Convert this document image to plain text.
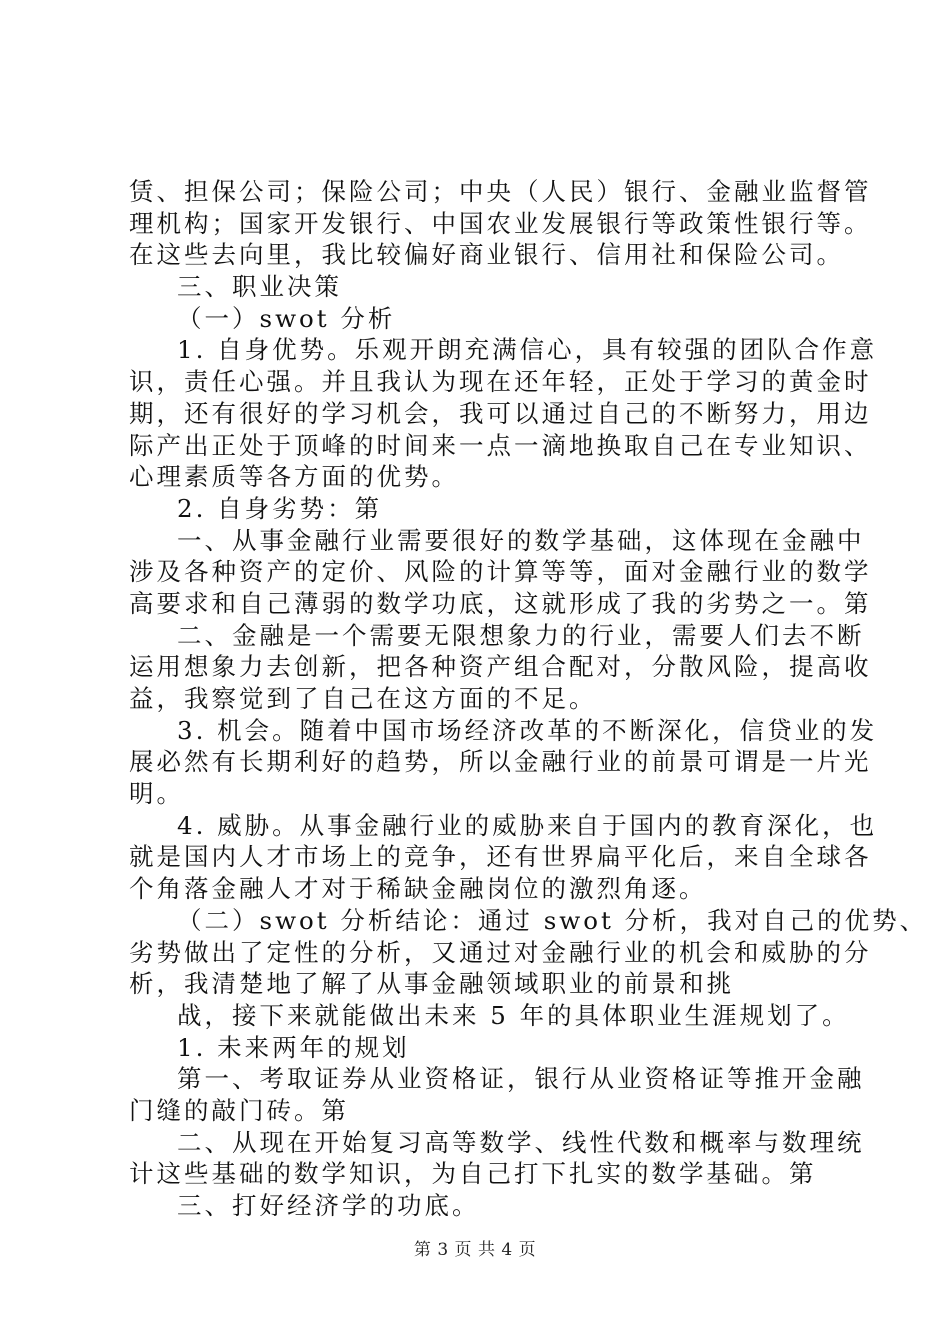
赁、担保公司；保险公司；中央（人民）银行、金融业监督管
理机构；国家开发银行、中国农业发展银行等政策性银行等。
在这些去向里，我比较偏好商业银行、信用社和保险公司。
三、职业决策
（一）swot 分析
1. 自身优势。乐观开朗充满信心，具有较强的团队合作意
识，责任心强。并且我认为现在还年轻，正处于学习的黄金时
期，还有很好的学习机会，我可以通过自己的不断努力，用边
际产出正处于顶峰的时间来一点一滴地换取自己在专业知识、
心理素质等各方面的优势。
2. 自身劣势：第
一、从事金融行业需要很好的数学基础，这体现在金融中
涉及各种资产的定价、风险的计算等等，面对金融行业的数学
高要求和自己薄弱的数学功底，这就形成了我的劣势之一。第
二、金融是一个需要无限想象力的行业，需要人们去不断
运用想象力去创新，把各种资产组合配对，分散风险，提高收
益，我察觉到了自己在这方面的不足。
3. 机会。随着中国市场经济改革的不断深化，信贷业的发
展必然有长期利好的趋势，所以金融行业的前景可谓是一片光
明。
4. 威胁。从事金融行业的威胁来自于国内的教育深化，也
就是国内人才市场上的竞争，还有世界扁平化后，来自全球各
个角落金融人才对于稀缺金融岗位的激烈角逐。
（二）swot 分析结论：通过 swot 分析，我对自己的优势、
劣势做出了定性的分析，又通过对金融行业的机会和威胁的分
析，我清楚地了解了从事金融领域职业的前景和挑
战，接下来就能做出未来 5 年的具体职业生涯规划了。
1. 未来两年的规划
第一、考取证券从业资格证，银行从业资格证等推开金融
门缝的敲门砖。第
二、从现在开始复习高等数学、线性代数和概率与数理统
计这些基础的数学知识，为自己打下扎实的数学基础。第
三、打好经济学的功底。
第 3 页 共 4 页
